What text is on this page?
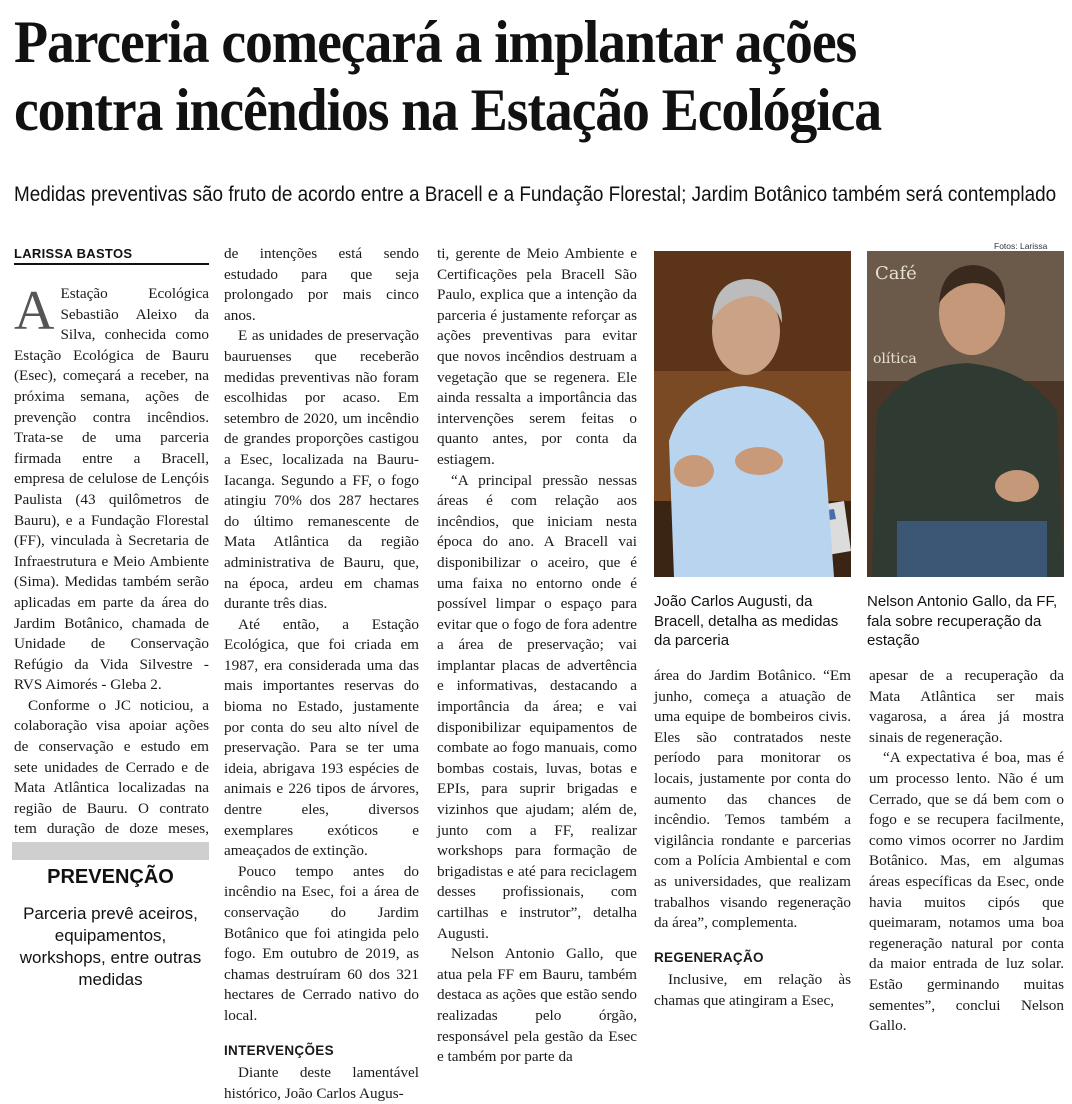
Parceria começará a implantar ações
contra incêndios na Estação Ecológica
Medidas preventivas são fruto de acordo entre a Bracell e a Fundação Florestal; Jardim Botânico também será contemplado
LARISSA BASTOS

A Estação Ecológica Sebastião Aleixo da Silva, conhecida como Estação Ecológica de Bauru (Esec), começará a receber, na próxima semana, ações de prevenção contra incêndios. Trata-se de uma parceria firmada entre a Bracell, empresa de celulose de Lençóis Paulista (43 quilômetros de Bauru), e a Fundação Florestal (FF), vinculada à Secretaria de Infraestrutura e Meio Ambiente (Sima). Medidas também serão aplicadas em parte da área do Jardim Botânico, chamada de Unidade de Conservação Refúgio da Vida Silvestre - RVS Aimorés - Gleba 2.

Conforme o JC noticiou, a colaboração visa apoiar ações de conservação e estudo em sete unidades de Cerrado e de Mata Atlântica localizadas na região de Bauru. O contrato tem duração de doze meses,

PREVENÇÃO
Parceria prevê aceiros, equipamentos, workshops, entre outras medidas

de intenções está sendo estudado para que seja prolongado por mais cinco anos.

E as unidades de preservação bauruenses que receberão medidas preventivas não foram escolhidas por acaso. Em setembro de 2020, um incêndio de grandes proporções castigou a Esec, localizada na Bauru-Iacanga. Segundo a FF, o fogo atingiu 70% dos 287 hectares do último remanescente de Mata Atlântica da região administrativa de Bauru, que, na época, ardeu em chamas durante três dias.

Até então, a Estação Ecológica, que foi criada em 1987, era considerada uma das mais importantes reservas do bioma no Estado, justamente por conta do seu alto nível de preservação. Para se ter uma ideia, abrigava 193 espécies de animais e 226 tipos de árvores, dentre eles, diversos exemplares exóticos e ameaçados de extinção.

Pouco tempo antes do incêndio na Esec, foi a área de conservação do Jardim Botânico que foi atingida pelo fogo. Em outubro de 2019, as chamas destruíram 60 dos 321 hectares de Cerrado nativo do local.

INTERVENÇÕES

Diante deste lamentável histórico, João Carlos Augus-

ti, gerente de Meio Ambiente e Certificações pela Bracell São Paulo, explica que a intenção da parceria é justamente reforçar as ações preventivas para evitar que novos incêndios destruam a vegetação que se regenera. Ele ainda ressalta a importância das intervenções serem feitas o quanto antes, por conta da estiagem.

“A principal pressão nessas áreas é com relação aos incêndios, que iniciam nesta época do ano. A Bracell vai disponibilizar o aceiro, que é uma faixa no entorno onde é possível limpar o espaço para evitar que o fogo de fora adentre a área de preservação; vai implantar placas de advertência e informativas, destacando a importância da área; e vai disponibilizar equipamentos de combate ao fogo manuais, como bombas costais, luvas, botas e EPIs, para suprir brigadas e vizinhos que ajudam; além de, junto com a FF, realizar workshops para formação de brigadistas e até para reciclagem desses profissionais, com cartilhas e instrutor”, detalha Augusti.

Nelson Antonio Gallo, que atua pela FF em Bauru, também destaca as ações que estão sendo realizadas pelo órgão, responsável pela gestão da Esec e também por parte da

Fotos: Larissa
Café
olítica
João Carlos Augusti, da Bracell, detalha as medidas da parceria
Nelson Antonio Gallo, da FF, fala sobre recuperação da estação

área do Jardim Botânico. “Em junho, começa a atuação de uma equipe de bombeiros civis. Eles são contratados neste período para monitorar os locais, justamente por conta do aumento das chances de incêndio. Temos também a vigilância rondante e parcerias com a Polícia Ambiental e com as universidades, que realizam trabalhos visando regeneração da área”, complementa.

REGENERAÇÃO

Inclusive, em relação às chamas que atingiram a Esec,

apesar de a recuperação da Mata Atlântica ser mais vagarosa, a área já mostra sinais de regeneração.

“A expectativa é boa, mas é um processo lento. Não é um Cerrado, que se dá bem com o fogo e se recupera facilmente, como vimos ocorrer no Jardim Botânico. Mas, em algumas áreas específicas da Esec, onde havia muitos cipós que queimaram, notamos uma boa regeneração natural por conta da maior entrada de luz solar. Estão germinando muitas sementes”, conclui Nelson Gallo.
